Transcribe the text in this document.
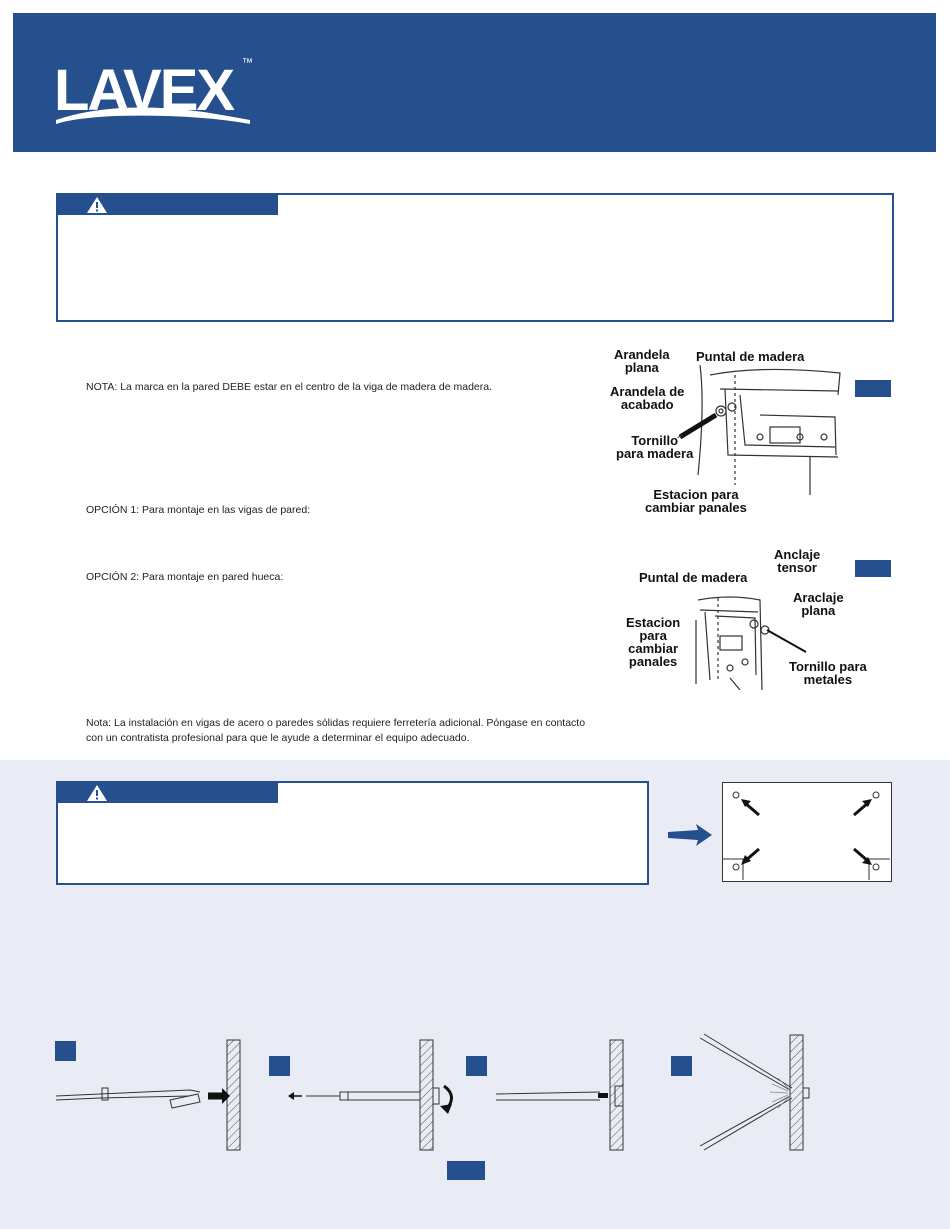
LAVEX ™
NOTA: La marca en la pared DEBE estar en el centro de la viga de madera de madera.
OPCIÓN 1: Para montaje en las vigas de pared:
OPCIÓN 2: Para montaje en pared hueca:
Nota: La instalación en vigas de acero o paredes sólidas requiere ferretería adicional. Póngase en contacto
con un contratista profesional para que le ayude a determinar el equipo adecuado.
Arandela
plana
Puntal de madera
Arandela de
acabado
Tornillo
para madera
Estacion para
cambiar panales
Anclaje
tensor
Puntal de madera
Araclaje
plana
Estacion
para
cambiar
panales	Tornillo para
metales
